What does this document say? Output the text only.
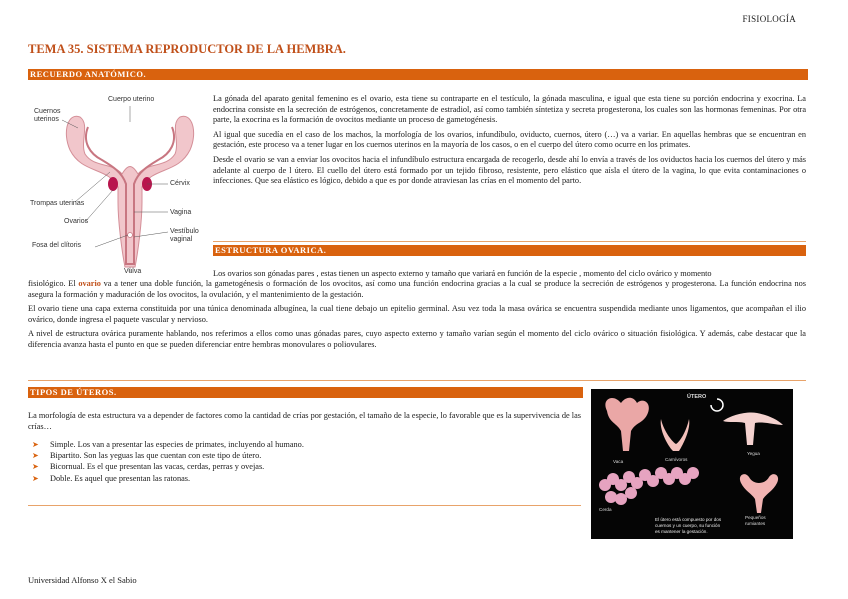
FISIOLOGÍA
TEMA 35. SISTEMA REPRODUCTOR DE LA HEMBRA.
RECUERDO ANATÓMICO.
Cuerpo uterino
Cuernos
uterinos
Cérvix
Trompas uterinas
Vagina
Ovarios
Vestíbulo
vaginal
Fosa del clítoris
Vulva

La gónada del aparato genital femenino es el ovario, esta tiene su contraparte en el testículo, la gónada masculina, e igual que esta tiene su porción endocrina y exocrina. La endocrina consiste en la secreción de estrógenos, concretamente de estradiol, así como también síntetiza y secreta progesterona, los cuales son las hormonas femeninas. Por otra parte, la exocrina es la formación de ovocitos mediante un proceso de gametogénesis.

Al igual que sucedía en el caso de los machos, la morfología de los ovarios, infundíbulo, oviducto, cuernos, útero (…) va a variar. En aquellas hembras que se encuentran en gestación, este proceso va a tener lugar en los cuernos uterinos en la mayoría de los casos, o en el cuerpo del útero como ocurre en los primates.

Desde el ovario se van a enviar los ovocitos hacia el infundíbulo estructura encargada de recogerlo, desde ahí lo envía a través de los oviductos hacia los cuernos del útero y más adelante al cuerpo de l útero. El cuello del útero está formado por un tejido fibroso, resistente, pero elástico que aísla el útero de la vagina, lo que evita contaminaciones o infecciones. Que sea elástico es lógico, debido a que es por donde atraviesan las crías en el momento del parto.

ESTRUCTURA OVARICA.
Los ovarios son gónadas pares , estas tienen un aspecto externo y tamaño que variará en función de la especie , momento del ciclo ovárico y momento

fisiológico. El ovario va a tener una doble función, la gametogénesis o formación de los ovocitos, así como una función endocrina gracias a la cual se produce la secreción de estrógenos y progesterona. La función endocrina nos asegura la formación y maduración de los ovocitos, la ovulación, y el mantenimiento de la gestación.

El ovario tiene una capa externa constituida por una túnica denominada albugínea, la cual tiene debajo un epitelio germinal. Asu vez toda la masa ovárica se encuentra suspendida mediante unos ligamentos, que acompañan el ilio ovárico, donde ingresa el paquete vascular y nervioso.

A nivel de estructura ovárica puramente hablando, nos referimos a ellos como unas gónadas pares, cuyo aspecto externo y tamaño varían según el momento del ciclo ovárico o situación fisiológica. Y además, cabe destacar que la diferencia avanza hasta el punto en que se pueden diferenciar entre hembras monovulares o poliovulares.

TIPOS DE ÚTEROS.
La morfología de esta estructura va a depender de factores como la cantidad de crías por gestación, el tamaño de la especie, lo favorable que es la supervivencia de las crías…
➤ Simple. Los van a presentar las especies de primates, incluyendo al humano.
➤ Bipartito. Son las yeguas las que cuentan con este tipo de útero.
➤ Bicornual. Es el que presentan las vacas, cerdas, perras y ovejas.
➤ Doble. Es aquel que presentan las ratonas.
ÚTERO
Vaca	Carnívoros
Yegua
Cerda
Pequeños
rumiantes
El útero está compuesto por dos
cuernos y un cuerpo, su función
es mantener la gestación.
Universidad Alfonso X el Sabio
